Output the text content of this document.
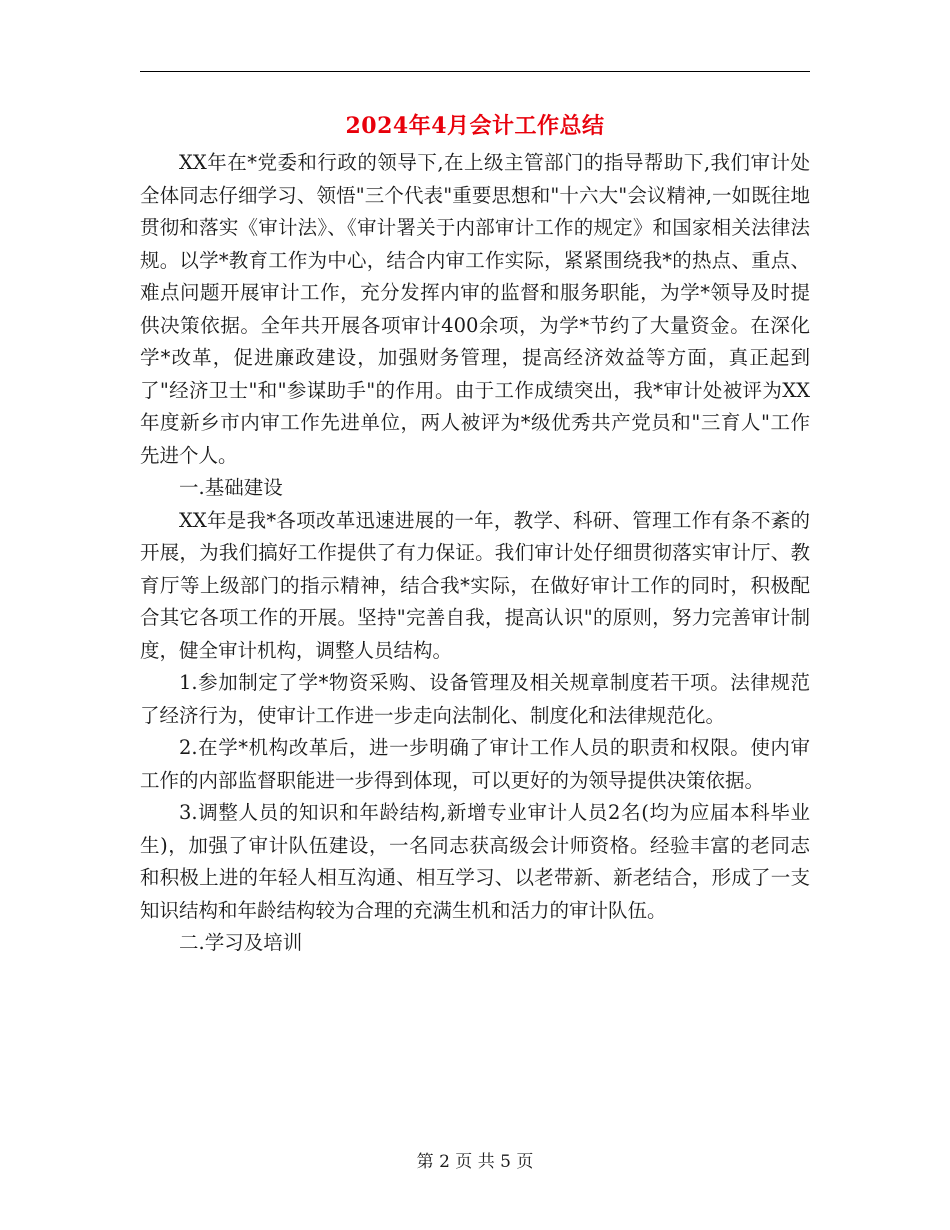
2024年4月会计工作总结

XX年在*党委和行政的领导下,在上级主管部门的指导帮助下,我们审计处全体同志仔细学习、领悟"三个代表"重要思想和"十六大"会议精神,一如既往地贯彻和落实《审计法》、《审计署关于内部审计工作的规定》和国家相关法律法规。以学*教育工作为中心，结合内审工作实际，紧紧围绕我*的热点、重点、难点问题开展审计工作，充分发挥内审的监督和服务职能，为学*领导及时提供决策依据。全年共开展各项审计400余项，为学*节约了大量资金。在深化学*改革，促进廉政建设，加强财务管理，提高经济效益等方面，真正起到了"经济卫士"和"参谋助手"的作用。由于工作成绩突出，我*审计处被评为XX年度新乡市内审工作先进单位，两人被评为*级优秀共产党员和"三育人"工作先进个人。

一.基础建设

XX年是我*各项改革迅速进展的一年，教学、科研、管理工作有条不紊的开展，为我们搞好工作提供了有力保证。我们审计处仔细贯彻落实审计厅、教育厅等上级部门的指示精神，结合我*实际，在做好审计工作的同时，积极配合其它各项工作的开展。坚持"完善自我，提高认识"的原则，努力完善审计制度，健全审计机构，调整人员结构。

1.参加制定了学*物资采购、设备管理及相关规章制度若干项。法律规范了经济行为，使审计工作进一步走向法制化、制度化和法律规范化。

2.在学*机构改革后，进一步明确了审计工作人员的职责和权限。使内审工作的内部监督职能进一步得到体现，可以更好的为领导提供决策依据。

3.调整人员的知识和年龄结构,新增专业审计人员2名(均为应届本科毕业生)，加强了审计队伍建设，一名同志获高级会计师资格。经验丰富的老同志和积极上进的年轻人相互沟通、相互学习、以老带新、新老结合，形成了一支知识结构和年龄结构较为合理的充满生机和活力的审计队伍。

二.学习及培训

第 2 页 共 5 页
